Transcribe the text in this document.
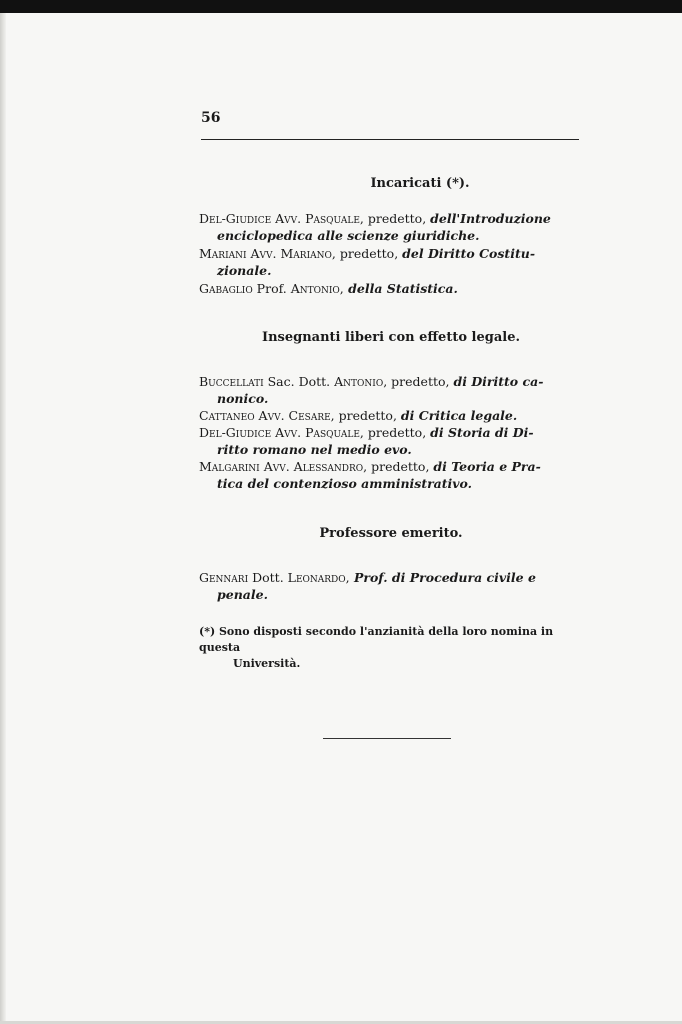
56
Incaricati (*).
Del-Giudice Avv. Pasquale, predetto, dell'Introduzione
enciclopedica alle scienze giuridiche.
Mariani Avv. Mariano, predetto, del Diritto Costitu-
zionale.
Gabaglio Prof. Antonio, della Statistica.
Insegnanti liberi con effetto legale.
Buccellati Sac. Dott. Antonio, predetto, di Diritto ca-
nonico.
Cattaneo Avv. Cesare, predetto, di Critica legale.
Del-Giudice Avv. Pasquale, predetto, di Storia di Di-
ritto romano nel medio evo.
Malgarini Avv. Alessandro, predetto, di Teoria e Pra-
tica del contenzioso amministrativo.
Professore emerito.
Gennari Dott. Leonardo, Prof. di Procedura civile e
penale.
(*) Sono disposti secondo l'anzianità della loro nomina in questa
Università.
